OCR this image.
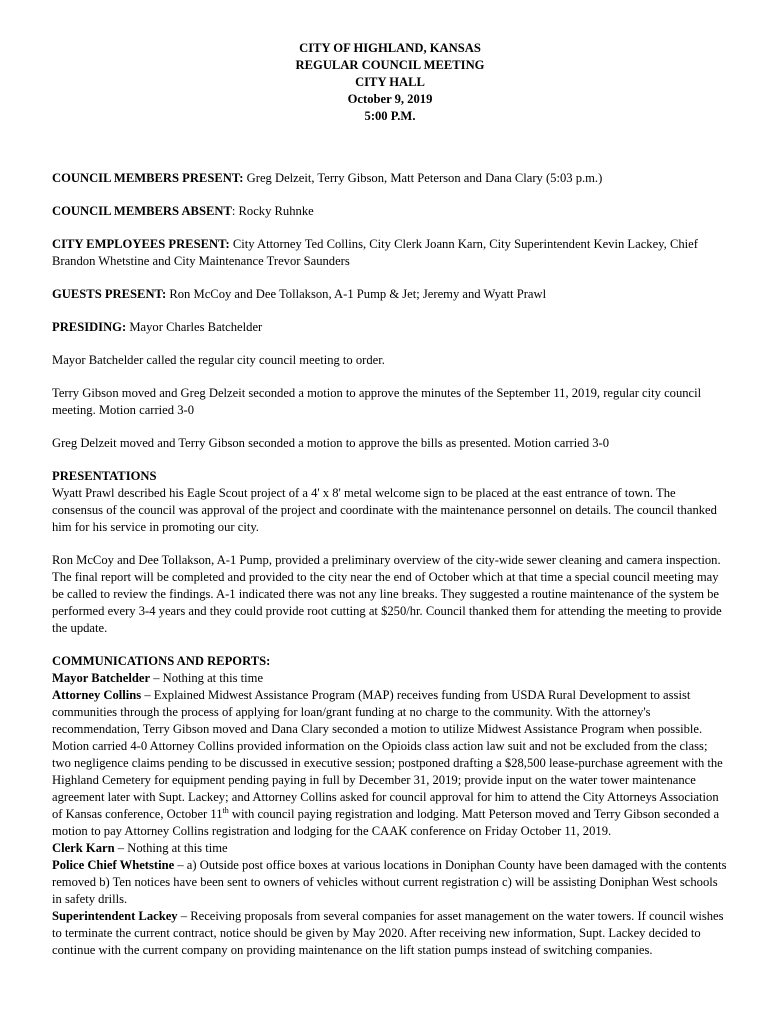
CITY OF HIGHLAND, KANSAS
REGULAR COUNCIL MEETING
CITY HALL
October 9, 2019
5:00 P.M.

COUNCIL MEMBERS PRESENT: Greg Delzeit, Terry Gibson, Matt Peterson and Dana Clary (5:03 p.m.)

COUNCIL MEMBERS ABSENT: Rocky Ruhnke

CITY EMPLOYEES PRESENT: City Attorney Ted Collins, City Clerk Joann Karn, City Superintendent Kevin Lackey, Chief Brandon Whetstine and City Maintenance Trevor Saunders

GUESTS PRESENT: Ron McCoy and Dee Tollakson, A-1 Pump & Jet; Jeremy and Wyatt Prawl

PRESIDING: Mayor Charles Batchelder

Mayor Batchelder called the regular city council meeting to order.

Terry Gibson moved and Greg Delzeit seconded a motion to approve the minutes of the September 11, 2019, regular city council meeting. Motion carried 3-0

Greg Delzeit moved and Terry Gibson seconded a motion to approve the bills as presented. Motion carried 3-0

PRESENTATIONS

Wyatt Prawl described his Eagle Scout project of a 4' x 8' metal welcome sign to be placed at the east entrance of town. The consensus of the council was approval of the project and coordinate with the maintenance personnel on details. The council thanked him for his service in promoting our city.

Ron McCoy and Dee Tollakson, A-1 Pump, provided a preliminary overview of the city-wide sewer cleaning and camera inspection. The final report will be completed and provided to the city near the end of October which at that time a special council meeting may be called to review the findings. A-1 indicated there was not any line breaks. They suggested a routine maintenance of the system be performed every 3-4 years and they could provide root cutting at $250/hr. Council thanked them for attending the meeting to provide the update.

COMMUNICATIONS AND REPORTS:
Mayor Batchelder – Nothing at this time
Attorney Collins – Explained Midwest Assistance Program (MAP) receives funding from USDA Rural Development to assist communities through the process of applying for loan/grant funding at no charge to the community. With the attorney's recommendation, Terry Gibson moved and Dana Clary seconded a motion to utilize Midwest Assistance Program when possible. Motion carried 4-0 Attorney Collins provided information on the Opioids class action law suit and not be excluded from the class; two negligence claims pending to be discussed in executive session; postponed drafting a $28,500 lease-purchase agreement with the Highland Cemetery for equipment pending paying in full by December 31, 2019; provide input on the water tower maintenance agreement later with Supt. Lackey; and Attorney Collins asked for council approval for him to attend the City Attorneys Association of Kansas conference, October 11th with council paying registration and lodging. Matt Peterson moved and Terry Gibson seconded a motion to pay Attorney Collins registration and lodging for the CAAK conference on Friday October 11, 2019.
Clerk Karn – Nothing at this time
Police Chief Whetstine – a) Outside post office boxes at various locations in Doniphan County have been damaged with the contents removed b) Ten notices have been sent to owners of vehicles without current registration c) will be assisting Doniphan West schools in safety drills.
Superintendent Lackey – Receiving proposals from several companies for asset management on the water towers. If council wishes to terminate the current contract, notice should be given by May 2020. After receiving new information, Supt. Lackey decided to continue with the current company on providing maintenance on the lift station pumps instead of switching companies.
